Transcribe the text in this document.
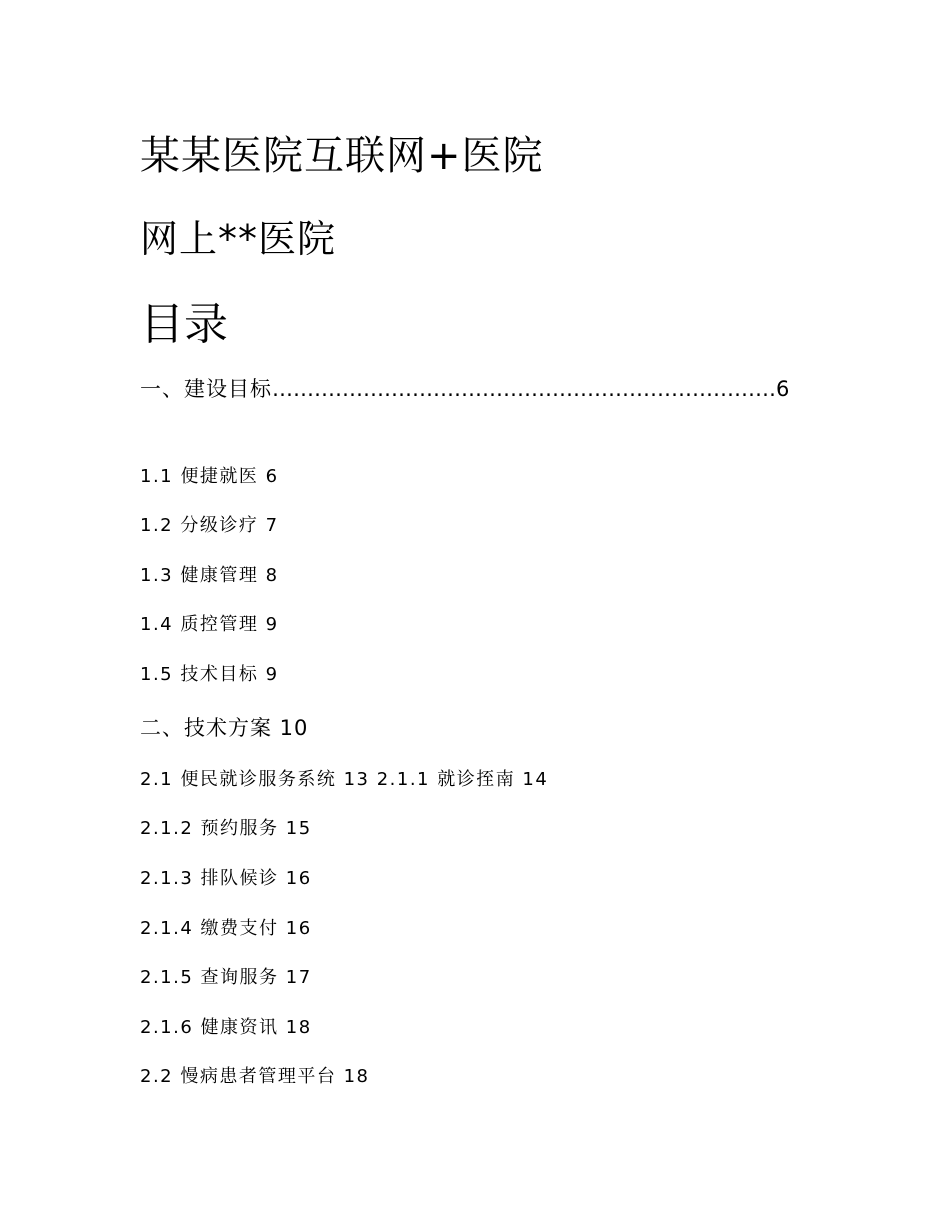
某某医院互联网+医院
网上**医院
目录
一、建设目标………………………………………………………………6
1.1 便捷就医 6
1.2 分级诊疗 7
1.3 健康管理 8
1.4 质控管理 9
1.5 技术目标 9
二、技术方案 10
2.1 便民就诊服务系统 13 2.1.1 就诊挃南 14
2.1.2 预约服务 15
2.1.3 排队候诊 16
2.1.4 缴费支付 16
2.1.5 查询服务 17
2.1.6 健康资讯 18
2.2 慢病患者管理平台 18
